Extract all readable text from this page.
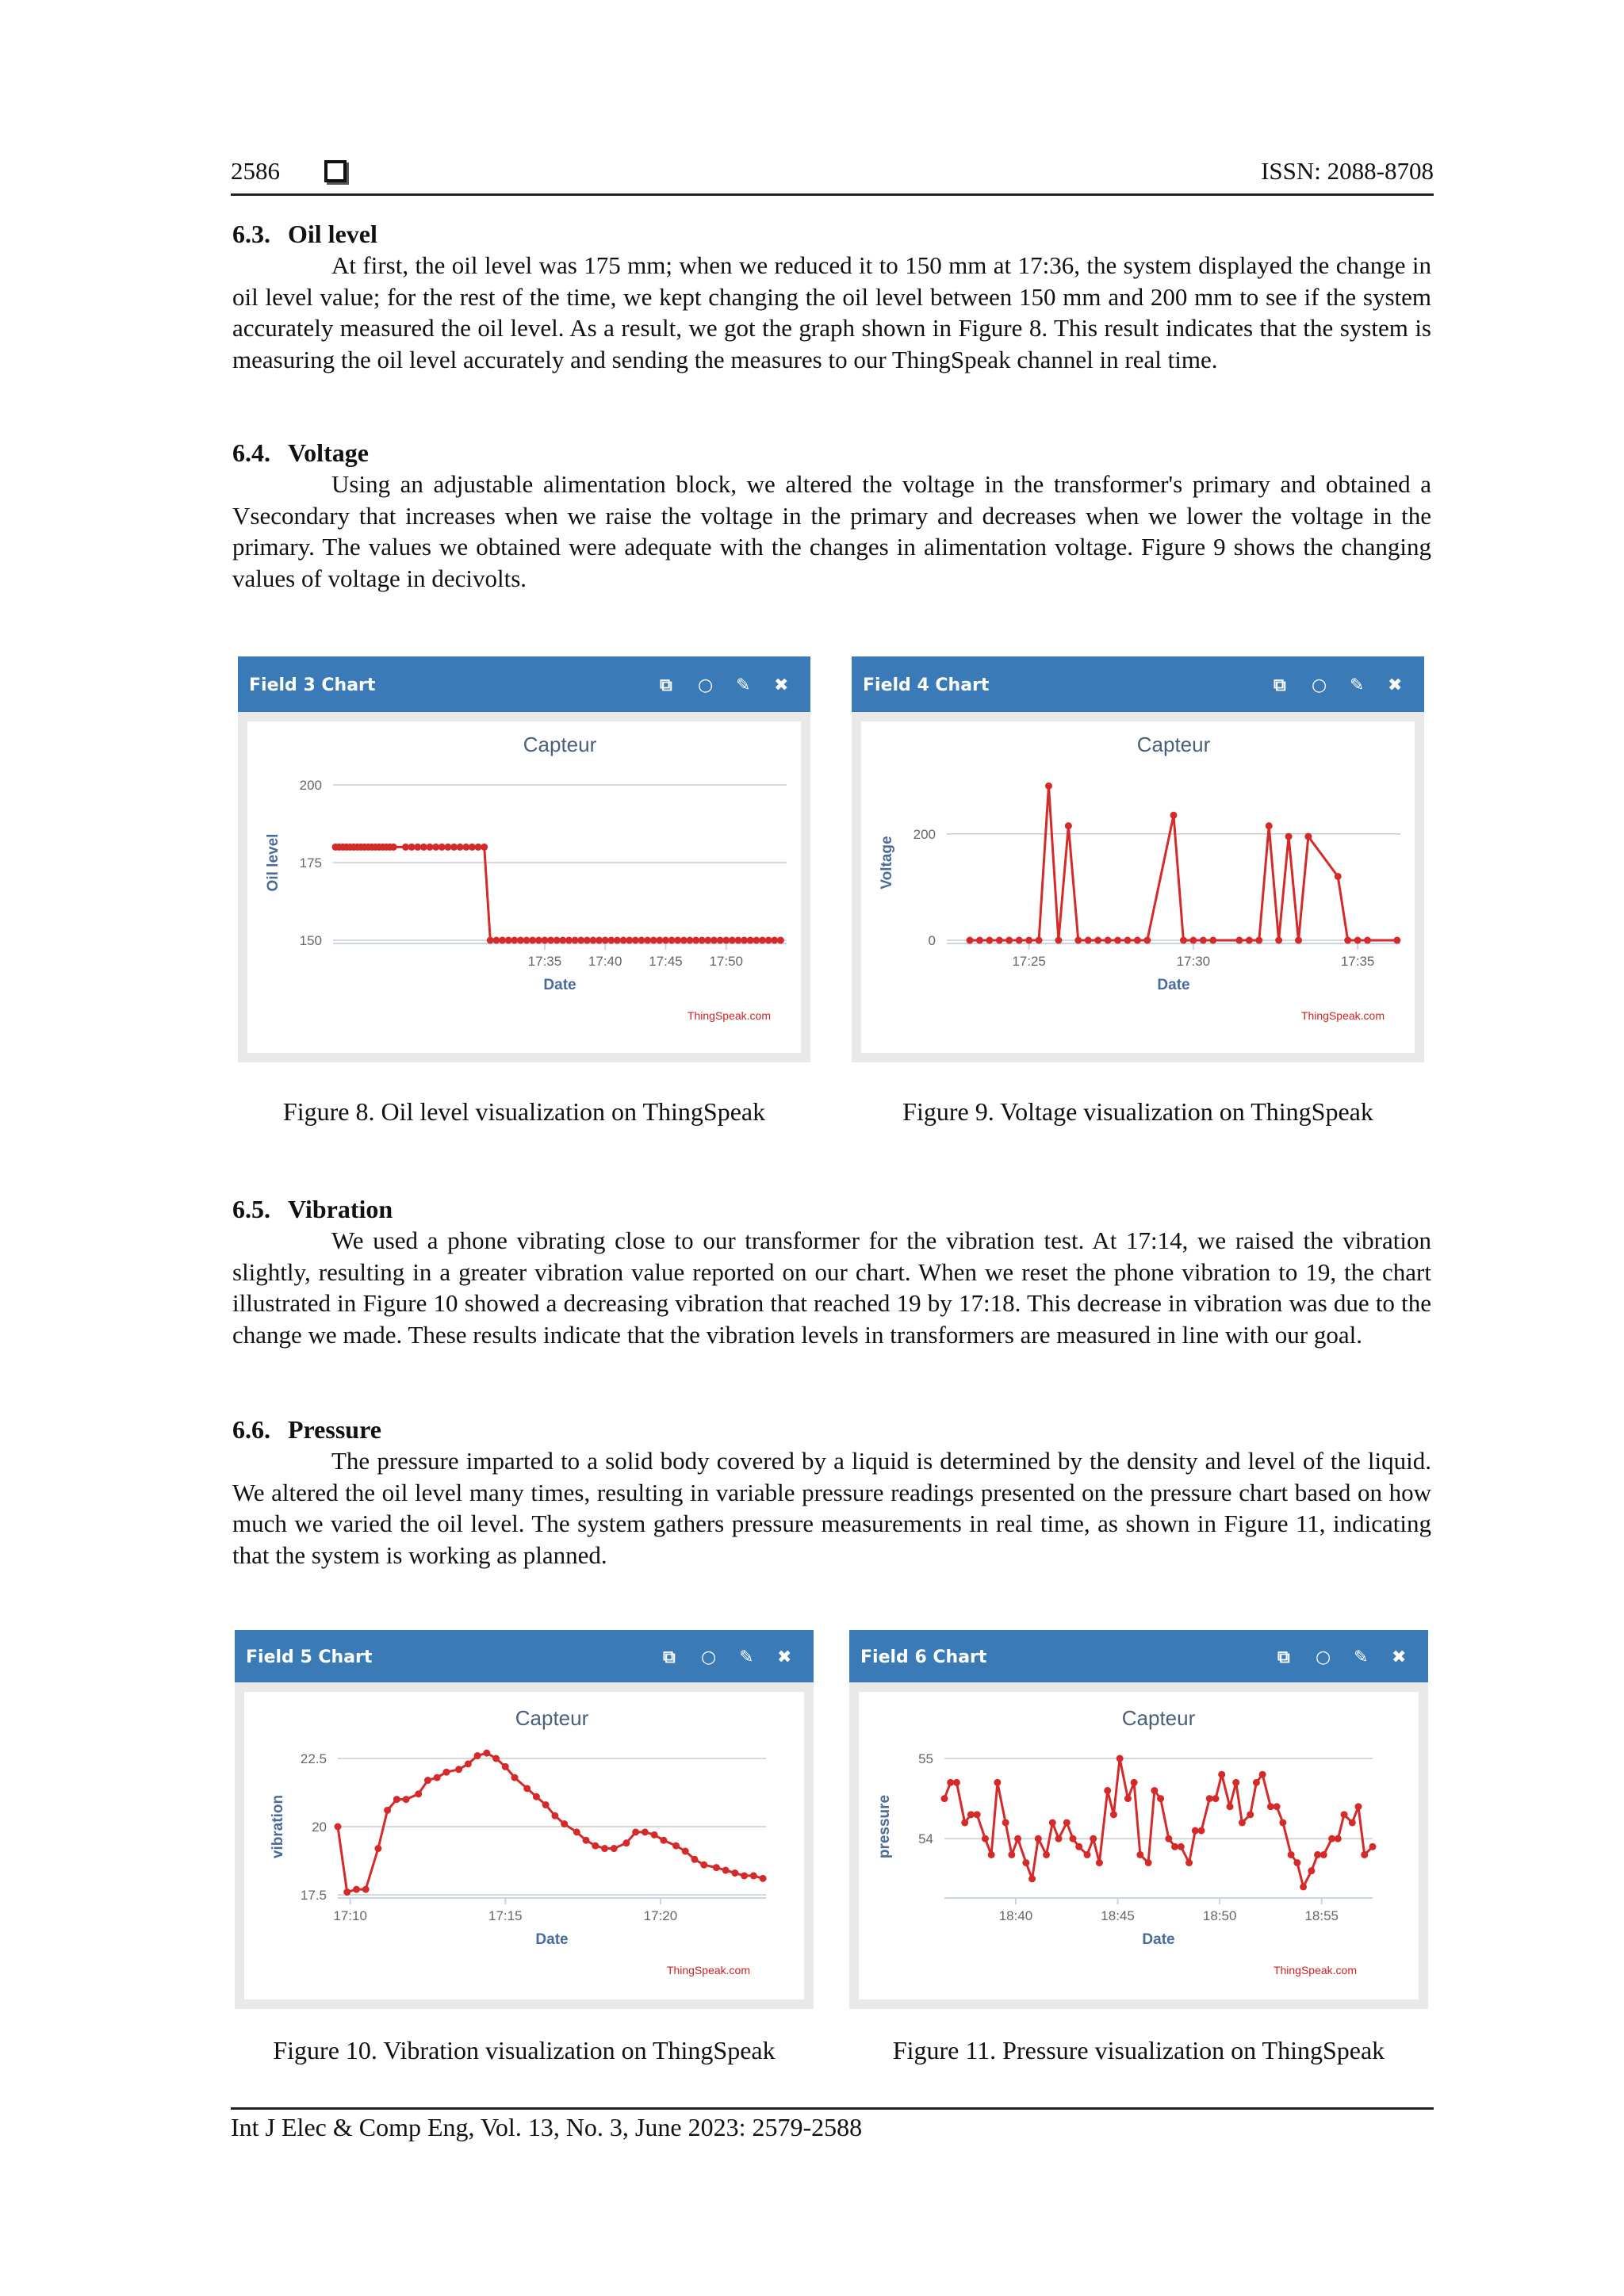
2586	ISSN: 2088-8708
6.3. Oil level

At first, the oil level was 175 mm; when we reduced it to 150 mm at 17:36, the system displayed the change in oil level value; for the rest of the time, we kept changing the oil level between 150 mm and 200 mm to see if the system accurately measured the oil level. As a result, we got the graph shown in Figure 8. This result indicates that the system is measuring the oil level accurately and sending the measures to our ThingSpeak channel in real time.

6.4. Voltage

Using an adjustable alimentation block, we altered the voltage in the transformer's primary and obtained a Vsecondary that increases when we raise the voltage in the primary and decreases when we lower the voltage in the primary. The values we obtained were adequate with the changes in alimentation voltage. Figure 9 shows the changing values of voltage in decivolts.

Field 3 Chart	⧉ ○ ✎ ✖
Capteur
150
175
200
17:35 17:40 17:45 17:50
Date
Oil level
ThingSpeak.com
Field 4 Chart	⧉ ○ ✎ ✖
Capteur
0
200
17:25	17:30	17:35
Date
Voltage
ThingSpeak.com
Figure 8. Oil level visualization on ThingSpeak	Figure 9. Voltage visualization on ThingSpeak
6.5. Vibration

We used a phone vibrating close to our transformer for the vibration test. At 17:14, we raised the vibration slightly, resulting in a greater vibration value reported on our chart. When we reset the phone vibration to 19, the chart illustrated in Figure 10 showed a decreasing vibration that reached 19 by 17:18. This decrease in vibration was due to the change we made. These results indicate that the vibration levels in transformers are measured in line with our goal.

6.6. Pressure

The pressure imparted to a solid body covered by a liquid is determined by the density and level of the liquid. We altered the oil level many times, resulting in variable pressure readings presented on the pressure chart based on how much we varied the oil level. The system gathers pressure measurements in real time, as shown in Figure 11, indicating that the system is working as planned.

Field 5 Chart	⧉ ○ ✎ ✖
Capteur
17.5
20
22.5
17:10	17:15	17:20
Date
vibration
ThingSpeak.com
Field 6 Chart	⧉ ○ ✎ ✖
Capteur
54
55
18:40	18:45	18:50	18:55
Date
pressure
ThingSpeak.com
Figure 10. Vibration visualization on ThingSpeak	Figure 11. Pressure visualization on ThingSpeak
Int J Elec & Comp Eng, Vol. 13, No. 3, June 2023: 2579-2588
